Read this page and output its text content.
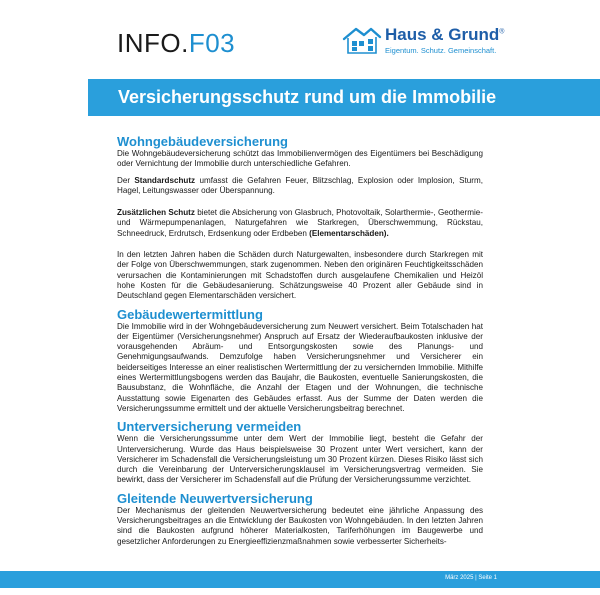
INFO.F03	Haus & Grund®
Eigentum. Schutz. Gemeinschaft.
Versicherungsschutz rund um die Immobilie
Wohngebäudeversicherung

Die Wohngebäudeversicherung schützt das Immobilienvermögen des Eigentümers bei Beschädigung oder Vernichtung der Immobilie durch unterschiedliche Gefahren.

Der Standardschutz umfasst die Gefahren Feuer, Blitzschlag, Explosion oder Implosion, Sturm, Hagel, Leitungswasser oder Überspannung.

Zusätzlichen Schutz bietet die Absicherung von Glasbruch, Photovoltaik, Solarthermie-, Geothermie- und Wärmepumpenanlagen, Naturgefahren wie Starkregen, Überschwemmung, Rückstau, Schneedruck, Erdrutsch, Erdsenkung oder Erdbeben (Elementarschäden).

In den letzten Jahren haben die Schäden durch Naturgewalten, insbesondere durch Starkregen mit der Folge von Überschwemmungen, stark zugenommen. Neben den originären Feuchtigkeitsschäden verursachen die Kontaminierungen mit Schadstoffen durch ausgelaufene Chemikalien und Heizöl hohe Kosten für die Gebäudesanierung. Schätzungsweise 40 Prozent aller Gebäude sind in Deutschland gegen Elementarschäden versichert.

Gebäudewertermittlung

Die Immobilie wird in der Wohngebäudeversicherung zum Neuwert versichert. Beim Totalschaden hat der Eigentümer (Versicherungsnehmer) Anspruch auf Ersatz der Wiederaufbaukosten inklusive der vorausgehenden Abräum- und Entsorgungskosten sowie des Planungs- und Genehmigungsaufwands. Demzufolge haben Versicherungsnehmer und Versicherer ein beiderseitiges Interesse an einer realistischen Wertermittlung der zu versichernden Immobilie. Mithilfe eines Wertermittlungsbogens werden das Baujahr, die Baukosten, eventuelle Sanierungskosten, die Bausubstanz, die Wohnfläche, die Anzahl der Etagen und der Wohnungen, die technische Ausstattung sowie Eigenarten des Gebäudes erfasst. Aus der Summe der Daten werden die Versicherungssumme ermittelt und der aktuelle Versicherungsbeitrag berechnet.

Unterversicherung vermeiden

Wenn die Versicherungssumme unter dem Wert der Immobilie liegt, besteht die Gefahr der Unterversicherung. Wurde das Haus beispielsweise 30 Prozent unter Wert versichert, kann der Versicherer im Schadensfall die Versicherungsleistung um 30 Prozent kürzen. Dieses Risiko lässt sich durch die Vereinbarung der Unterversicherungsklausel im Versicherungsvertrag vermeiden. Sie bewirkt, dass der Versicherer im Schadensfall auf die Prüfung der Versicherungssumme verzichtet.

Gleitende Neuwertversicherung

Der Mechanismus der gleitenden Neuwertversicherung bedeutet eine jährliche Anpassung des Versicherungsbeitrages an die Entwicklung der Baukosten von Wohngebäuden. In den letzten Jahren sind die Baukosten aufgrund höherer Materialkosten, Tariferhöhungen im Baugewerbe und gesetzlicher Anforderungen zu Energieeffizienzmaßnahmen sowie verbesserter Sicherheits-

März 2025 | Seite 1
